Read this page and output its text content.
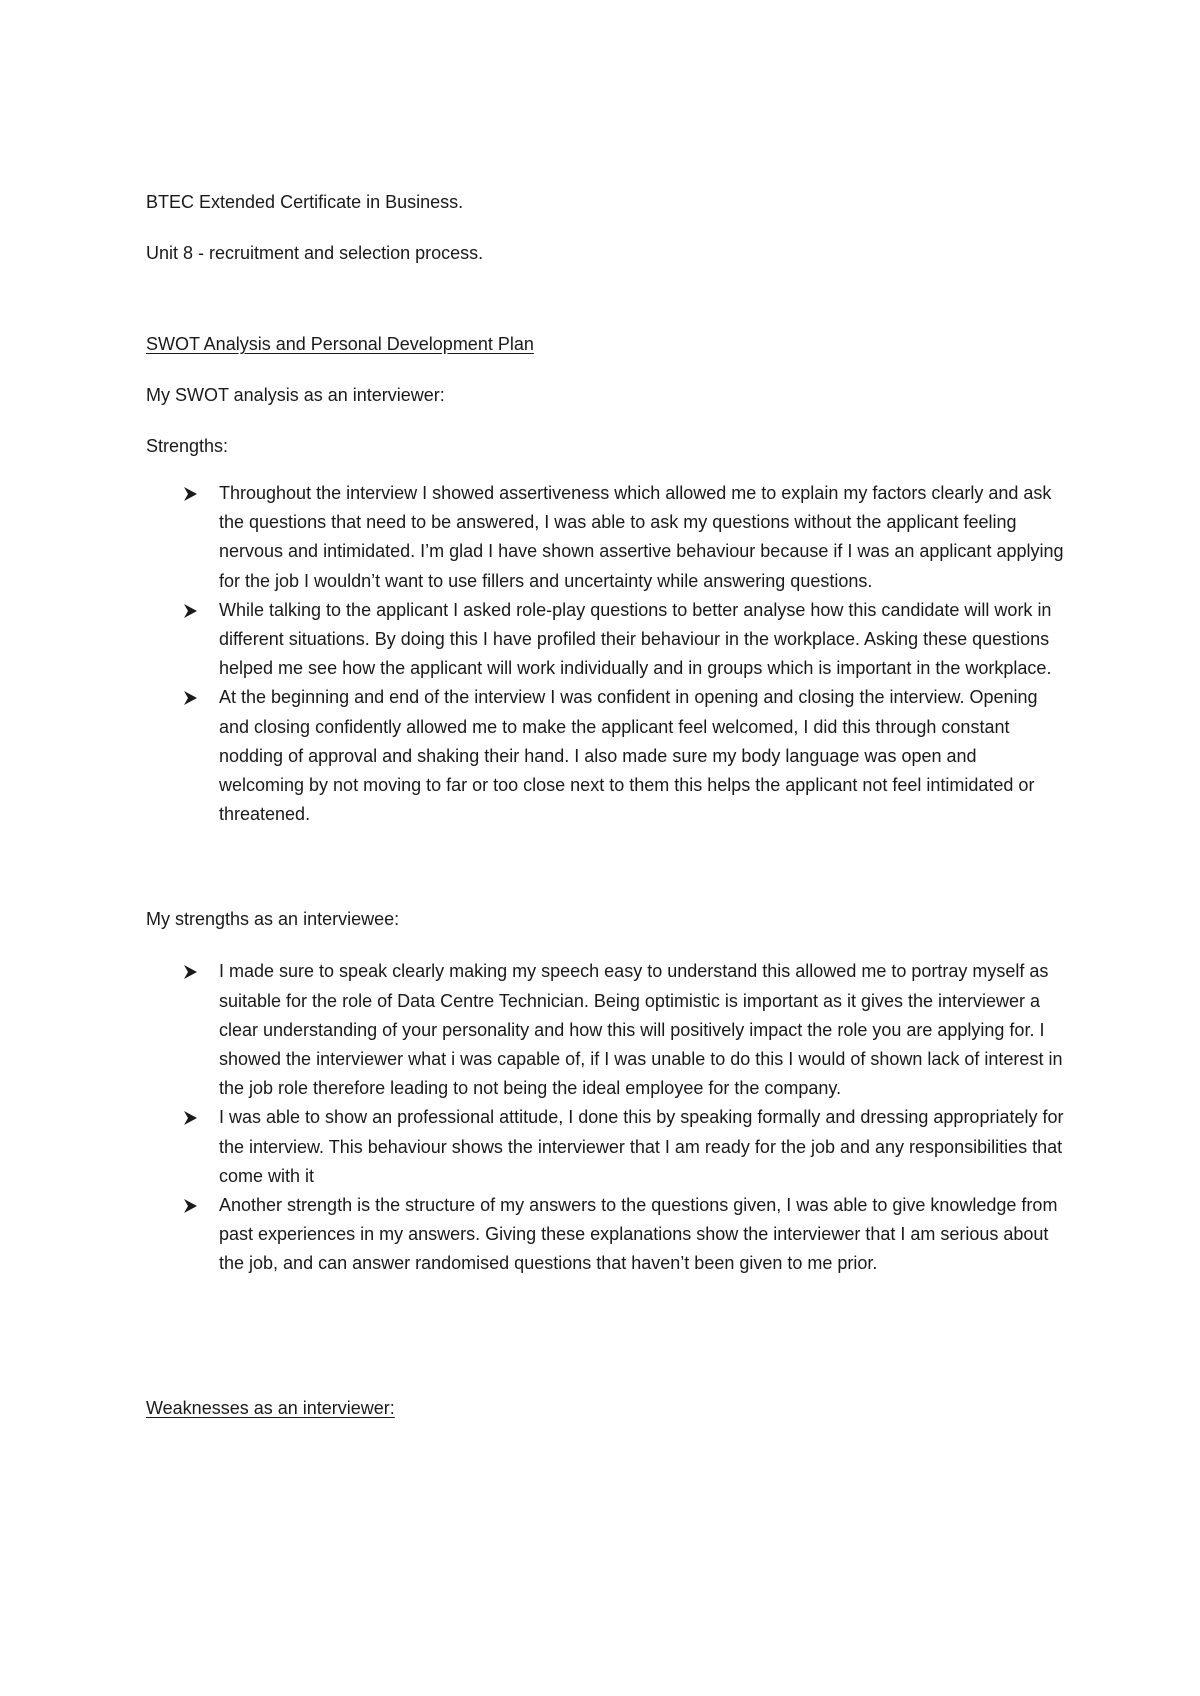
BTEC Extended Certificate in Business.

Unit 8 - recruitment and selection process.

SWOT Analysis and Personal Development Plan

My SWOT analysis as an interviewer:

Strengths:

Throughout the interview I showed assertiveness which allowed me to explain my factors clearly and ask the questions that need to be answered, I was able to ask my questions without the applicant feeling nervous and intimidated. I’m glad I have shown assertive behaviour because if I was an applicant applying for the job I wouldn’t want to use fillers and uncertainty while answering questions.
While talking to the applicant I asked role-play questions to better analyse how this candidate will work in different situations. By doing this I have profiled their behaviour in the workplace. Asking these questions helped me see how the applicant will work individually and in groups which is important in the workplace.
At the beginning and end of the interview I was confident in opening and closing the interview. Opening and closing confidently allowed me to make the applicant feel welcomed, I did this through constant nodding of approval and shaking their hand. I also made sure my body language was open and welcoming by not moving to far or too close next to them this helps the applicant not feel intimidated or threatened.

My strengths as an interviewee:

I made sure to speak clearly making my speech easy to understand this allowed me to portray myself as suitable for the role of Data Centre Technician. Being optimistic is important as it gives the interviewer a clear understanding of your personality and how this will positively impact the role you are applying for. I showed the interviewer what i was capable of, if I was unable to do this I would of shown lack of interest in the job role therefore leading to not being the ideal employee for the company.
I was able to show an professional attitude, I done this by speaking formally and dressing appropriately for the interview. This behaviour shows the interviewer that I am ready for the job and any responsibilities that come with it
Another strength is the structure of my answers to the questions given, I was able to give knowledge from past experiences in my answers. Giving these explanations show the interviewer that I am serious about the job, and can answer randomised questions that haven’t been given to me prior.

Weaknesses as an interviewer:
